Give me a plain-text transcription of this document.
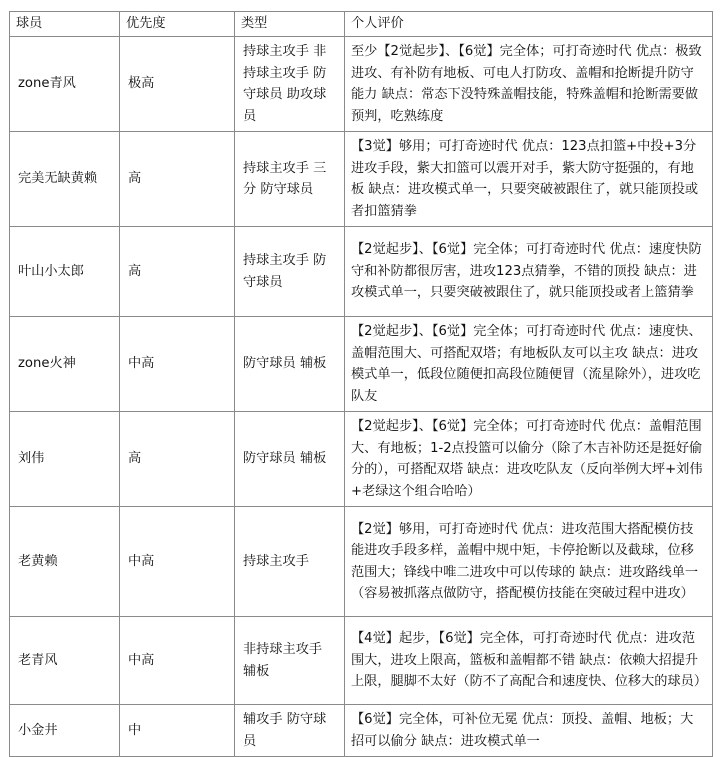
球员	优先度	类型	个人评价
zone青风	极高	持球主攻手 非持球主攻手 防守球员 助攻球员	至少【2觉起步】、【6觉】完全体；可打奇迹时代 优点：极致进攻、有补防有地板、可电人打防攻、盖帽和抢断提升防守能力 缺点：常态下没特殊盖帽技能，特殊盖帽和抢断需要做预判，吃熟练度
完美无缺黄赖	高	持球主攻手 三分 防守球员	【3觉】够用；可打奇迹时代 优点：123点扣篮+中投+3分进攻手段，紫大扣篮可以震开对手，紫大防守挺强的，有地板 缺点：进攻模式单一，只要突破被跟住了，就只能顶投或者扣篮猜拳
叶山小太郎	高	持球主攻手 防守球员	【2觉起步】、【6觉】完全体；可打奇迹时代 优点：速度快防守和补防都很厉害，进攻123点猜拳，不错的顶投 缺点：进攻模式单一，只要突破被跟住了，就只能顶投或者上篮猜拳
zone火神	中高	防守球员 辅板	【2觉起步】、【6觉】完全体；可打奇迹时代 优点：速度快、盖帽范围大、可搭配双塔；有地板队友可以主攻 缺点：进攻模式单一，低段位随便扣高段位随便冒（流星除外），进攻吃队友
刘伟	高	防守球员 辅板	【2觉起步】、【6觉】完全体；可打奇迹时代 优点：盖帽范围大、有地板；1-2点投篮可以偷分（除了木吉补防还是挺好偷分的），可搭配双塔 缺点：进攻吃队友（反向举例大坪+刘伟+老绿这个组合哈哈）
老黄赖	中高	持球主攻手	【2觉】够用，可打奇迹时代 优点：进攻范围大搭配模仿技能进攻手段多样，盖帽中规中矩，卡停抢断以及截球，位移范围大；锋线中唯二进攻中可以传球的 缺点：进攻路线单一（容易被抓落点做防守，搭配模仿技能在突破过程中进攻）
老青风	中高	非持球主攻手 辅板	【4觉】起步，【6觉】完全体，可打奇迹时代 优点：进攻范围大，进攻上限高，篮板和盖帽都不错 缺点：依赖大招提升上限，腿脚不太好（防不了高配合和速度快、位移大的球员）
小金井	中	辅攻手 防守球员	【6觉】完全体，可补位无冕 优点：顶投、盖帽、地板；大招可以偷分 缺点：进攻模式单一
